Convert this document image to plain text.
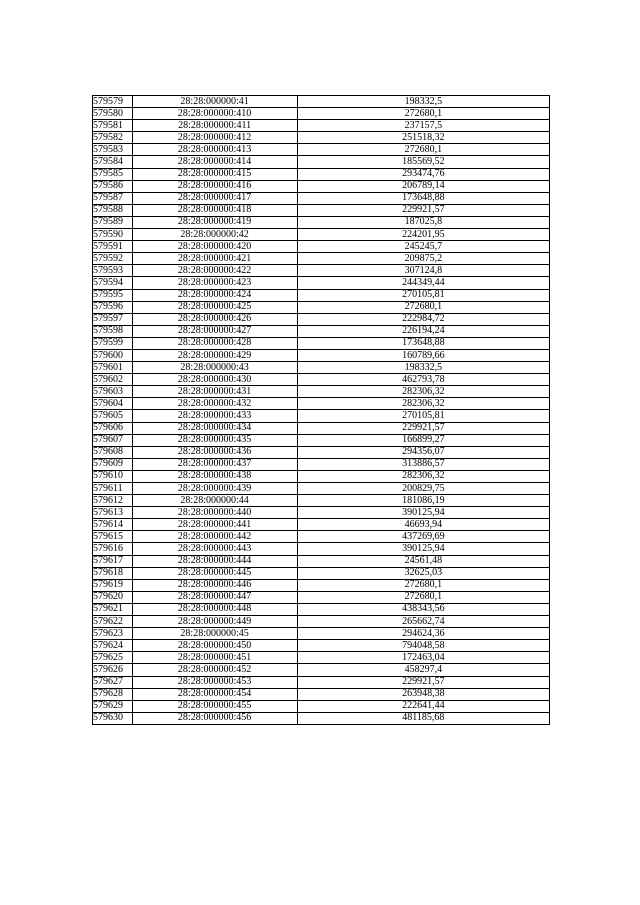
579579	28:28:000000:41	198332,5
579580	28:28:000000:410	272680,1
579581	28:28:000000:411	237157,5
579582	28:28:000000:412	251518,32
579583	28:28:000000:413	272680,1
579584	28:28:000000:414	185569,52
579585	28:28:000000:415	293474,76
579586	28:28:000000:416	206789,14
579587	28:28:000000:417	173648,88
579588	28:28:000000:418	229921,57
579589	28:28:000000:419	187025,8
579590	28:28:000000:42	224201,95
579591	28:28:000000:420	245245,7
579592	28:28:000000:421	209875,2
579593	28:28:000000:422	307124,8
579594	28:28:000000:423	244349,44
579595	28:28:000000:424	270105,81
579596	28:28:000000:425	272680,1
579597	28:28:000000:426	222984,72
579598	28:28:000000:427	226194,24
579599	28:28:000000:428	173648,88
579600	28:28:000000:429	160789,66
579601	28:28:000000:43	198332,5
579602	28:28:000000:430	462793,78
579603	28:28:000000:431	282306,32
579604	28:28:000000:432	282306,32
579605	28:28:000000:433	270105,81
579606	28:28:000000:434	229921,57
579607	28:28:000000:435	166899,27
579608	28:28:000000:436	294356,07
579609	28:28:000000:437	313886,57
579610	28:28:000000:438	282306,32
579611	28:28:000000:439	200829,75
579612	28:28:000000:44	181086,19
579613	28:28:000000:440	390125,94
579614	28:28:000000:441	46693,94
579615	28:28:000000:442	437269,69
579616	28:28:000000:443	390125,94
579617	28:28:000000:444	24561,48
579618	28:28:000000:445	32625,03
579619	28:28:000000:446	272680,1
579620	28:28:000000:447	272680,1
579621	28:28:000000:448	438343,56
579622	28:28:000000:449	265662,74
579623	28:28:000000:45	294624,36
579624	28:28:000000:450	794048,58
579625	28:28:000000:451	172463,04
579626	28:28:000000:452	458297,4
579627	28:28:000000:453	229921,57
579628	28:28:000000:454	263948,38
579629	28:28:000000:455	222641,44
579630	28:28:000000:456	481185,68
